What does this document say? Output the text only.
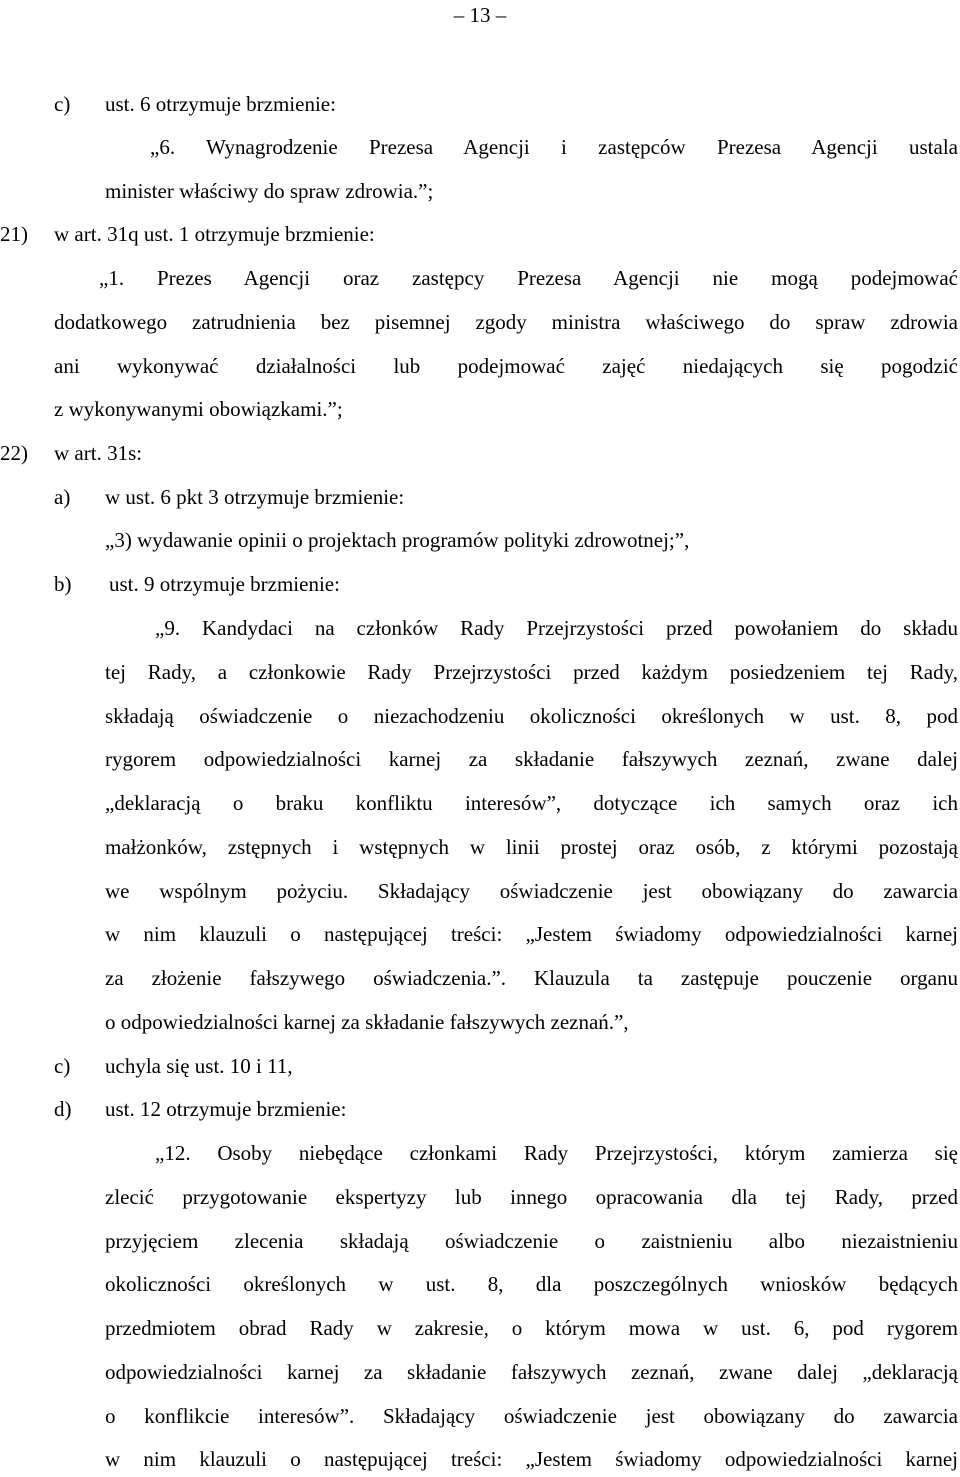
– 13 –
c) ust. 6 otrzymuje brzmienie:
„6. Wynagrodzenie Prezesa Agencji i zastępców Prezesa Agencji ustala
minister właściwy do spraw zdrowia.”;
21) w art. 31q ust. 1 otrzymuje brzmienie:
„1. Prezes Agencji oraz zastępcy Prezesa Agencji nie mogą podejmować
dodatkowego zatrudnienia bez pisemnej zgody ministra właściwego do spraw zdrowia
ani wykonywać działalności lub podejmować zajęć niedających się pogodzić
z wykonywanymi obowiązkami.”;
22) w art. 31s:
a) w ust. 6 pkt 3 otrzymuje brzmienie:
„3) wydawanie opinii o projektach programów polityki zdrowotnej;”,
b) ust. 9 otrzymuje brzmienie:
„9. Kandydaci na członków Rady Przejrzystości przed powołaniem do składu
tej Rady, a członkowie Rady Przejrzystości przed każdym posiedzeniem tej Rady,
składają oświadczenie o niezachodzeniu okoliczności określonych w ust. 8, pod
rygorem odpowiedzialności karnej za składanie fałszywych zeznań, zwane dalej
„deklaracją o braku konfliktu interesów”, dotyczące ich samych oraz ich
małżonków, zstępnych i wstępnych w linii prostej oraz osób, z którymi pozostają
we wspólnym pożyciu. Składający oświadczenie jest obowiązany do zawarcia
w nim klauzuli o następującej treści: „Jestem świadomy odpowiedzialności karnej
za złożenie fałszywego oświadczenia.”. Klauzula ta zastępuje pouczenie organu
o odpowiedzialności karnej za składanie fałszywych zeznań.”,
c) uchyla się ust. 10 i 11,
d) ust. 12 otrzymuje brzmienie:
„12. Osoby niebędące członkami Rady Przejrzystości, którym zamierza się
zlecić przygotowanie ekspertyzy lub innego opracowania dla tej Rady, przed
przyjęciem zlecenia składają oświadczenie o zaistnieniu albo niezaistnieniu
okoliczności określonych w ust. 8, dla poszczególnych wniosków będących
przedmiotem obrad Rady w zakresie, o którym mowa w ust. 6, pod rygorem
odpowiedzialności karnej za składanie fałszywych zeznań, zwane dalej „deklaracją
o konflikcie interesów”. Składający oświadczenie jest obowiązany do zawarcia
w nim klauzuli o następującej treści: „Jestem świadomy odpowiedzialności karnej
